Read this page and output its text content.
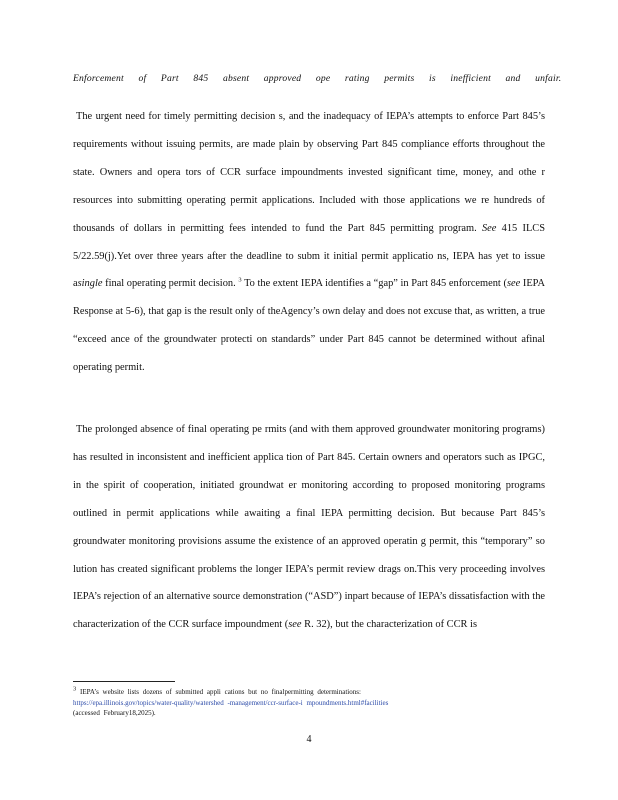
Enforcement of Part 845 absent approved ope rating permits is inefficient and unfair.
The urgent need for timely permitting decision s, and the inadequacy of IEPA’s attempts to enforce Part 845’s requirements without issuing permits, are made plain by observing Part 845 compliance efforts throughout the state. Owners and opera tors of CCR surface impoundments invested significant time, money, and othe r resources into submitting operating permit applications. Included with those applications we re hundreds of thousands of dollars in permitting fees intended to fund the Part 845 permitting program. See 415 ILCS 5/22.59(j).Yet over three years after the deadline to subm it initial permit applicatio ns, IEPA has yet to issue asingle final operating permit decision. $^3$ To the extent IEPA identifies a “gap” in Part 845 enforcement (see IEPA Response at 5-6), that gap is the result only of theAgency’s own delay and does not excuse that, as written, a true “exceed ance of the groundwater protecti on standards” under Part 845 cannot be determined without afinal operating permit.
The prolonged absence of final operating pe rmits (and with them approved groundwater monitoring programs) has resulted in inconsistent and inefficient applica tion of Part 845. Certain owners and operators such as IPGC, in the spirit of cooperation, initiated groundwat er monitoring according to proposed monitoring programs outlined in permit applications while awaiting a final IEPA permitting decision. But because Part 845’s groundwater monitoring provisions assume the existence of an approved operatin g permit, this “temporary” so lution has created significant problems the longer IEPA’s permit review drags on.This very proceeding involves IEPA’s rejection of an alternative source demonstration (“ASD”) inpart because of IEPA’s dissatisfaction with the characterization of the CCR surface impoundment (see R. 32), but the characterization of CCR is
3 IEPA’s website lists dozens of submitted appli cations but no finalpermitting determinations:
https://epa.illinois.gov/topics/water-quality/watershed -management/ccr-surface-i mpoundments.html#facilities
(accessed February18,2025).
4
